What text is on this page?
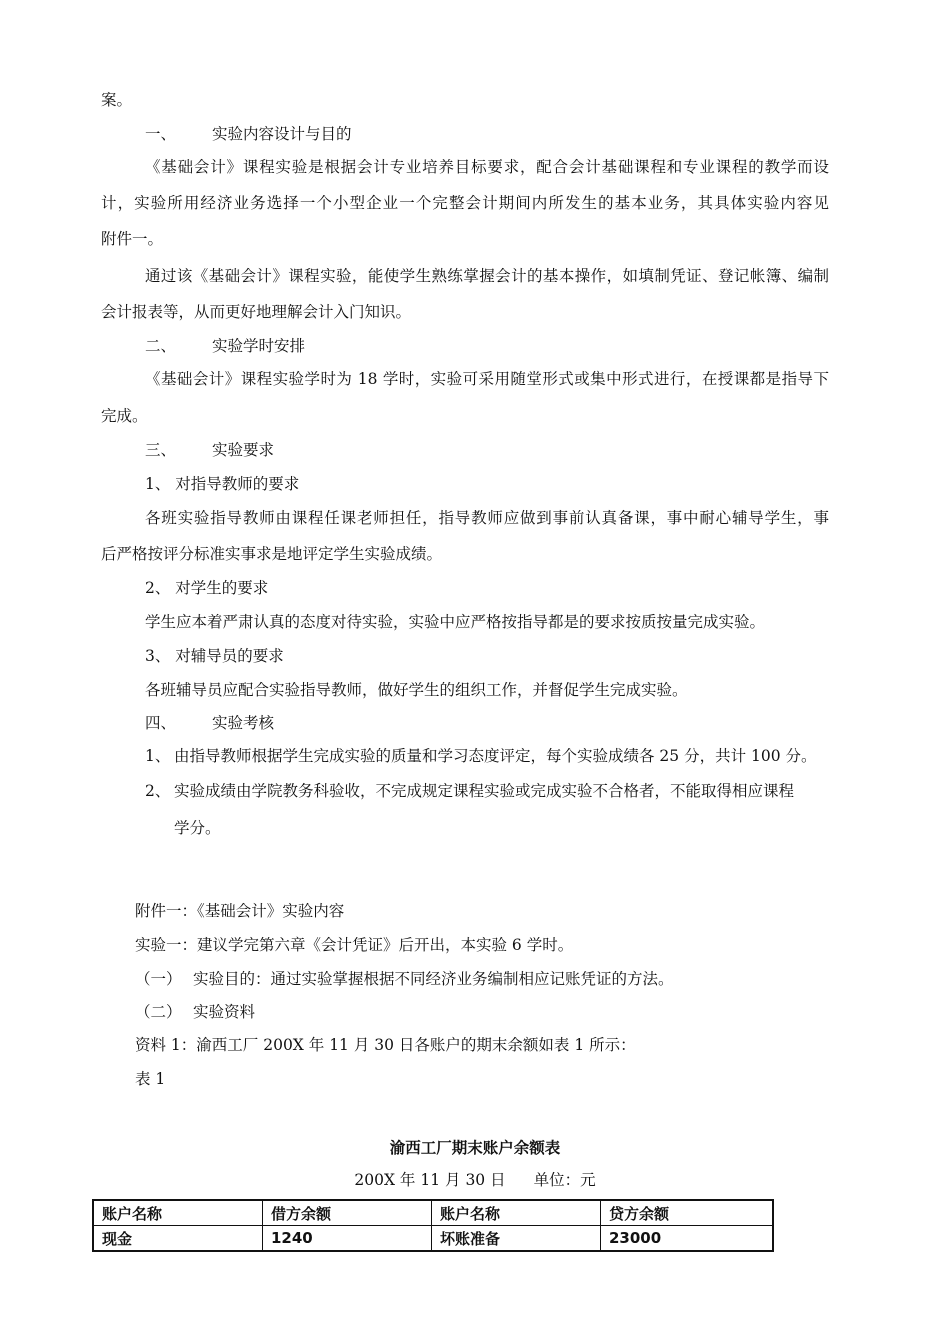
案。
一、 实验内容设计与目的
《基础会计》课程实验是根据会计专业培养目标要求，配合会计基础课程和专业课程的教学而设
计，实验所用经济业务选择一个小型企业一个完整会计期间内所发生的基本业务，其具体实验内容见
附件一。
通过该《基础会计》课程实验，能使学生熟练掌握会计的基本操作，如填制凭证、登记帐簿、编制
会计报表等，从而更好地理解会计入门知识。
二、 实验学时安排
《基础会计》课程实验学时为 18 学时，实验可采用随堂形式或集中形式进行，在授课都是指导下
完成。
三、 实验要求
1、 对指导教师的要求
各班实验指导教师由课程任课老师担任，指导教师应做到事前认真备课，事中耐心辅导学生，事
后严格按评分标准实事求是地评定学生实验成绩。
2、 对学生的要求
学生应本着严肃认真的态度对待实验，实验中应严格按指导都是的要求按质按量完成实验。
3、 对辅导员的要求
各班辅导员应配合实验指导教师，做好学生的组织工作，并督促学生完成实验。
四、 实验考核
1、 由指导教师根据学生完成实验的质量和学习态度评定，每个实验成绩各 25 分，共计 100 分。
2、 实验成绩由学院教务科验收，不完成规定课程实验或完成实验不合格者，不能取得相应课程
学分。
附件一：《基础会计》实验内容
实验一：建议学完第六章《会计凭证》后开出，本实验 6 学时。
（一） 实验目的：通过实验掌握根据不同经济业务编制相应记账凭证的方法。
（二） 实验资料
资料 1：渝西工厂 200X 年 11 月 30 日各账户的期末余额如表 1 所示：
表 1
渝西工厂期末账户余额表
200X 年 11 月 30 日 单位：元
账户名称	借方余额	账户名称	贷方余额
现金	1240	坏账准备	23000
